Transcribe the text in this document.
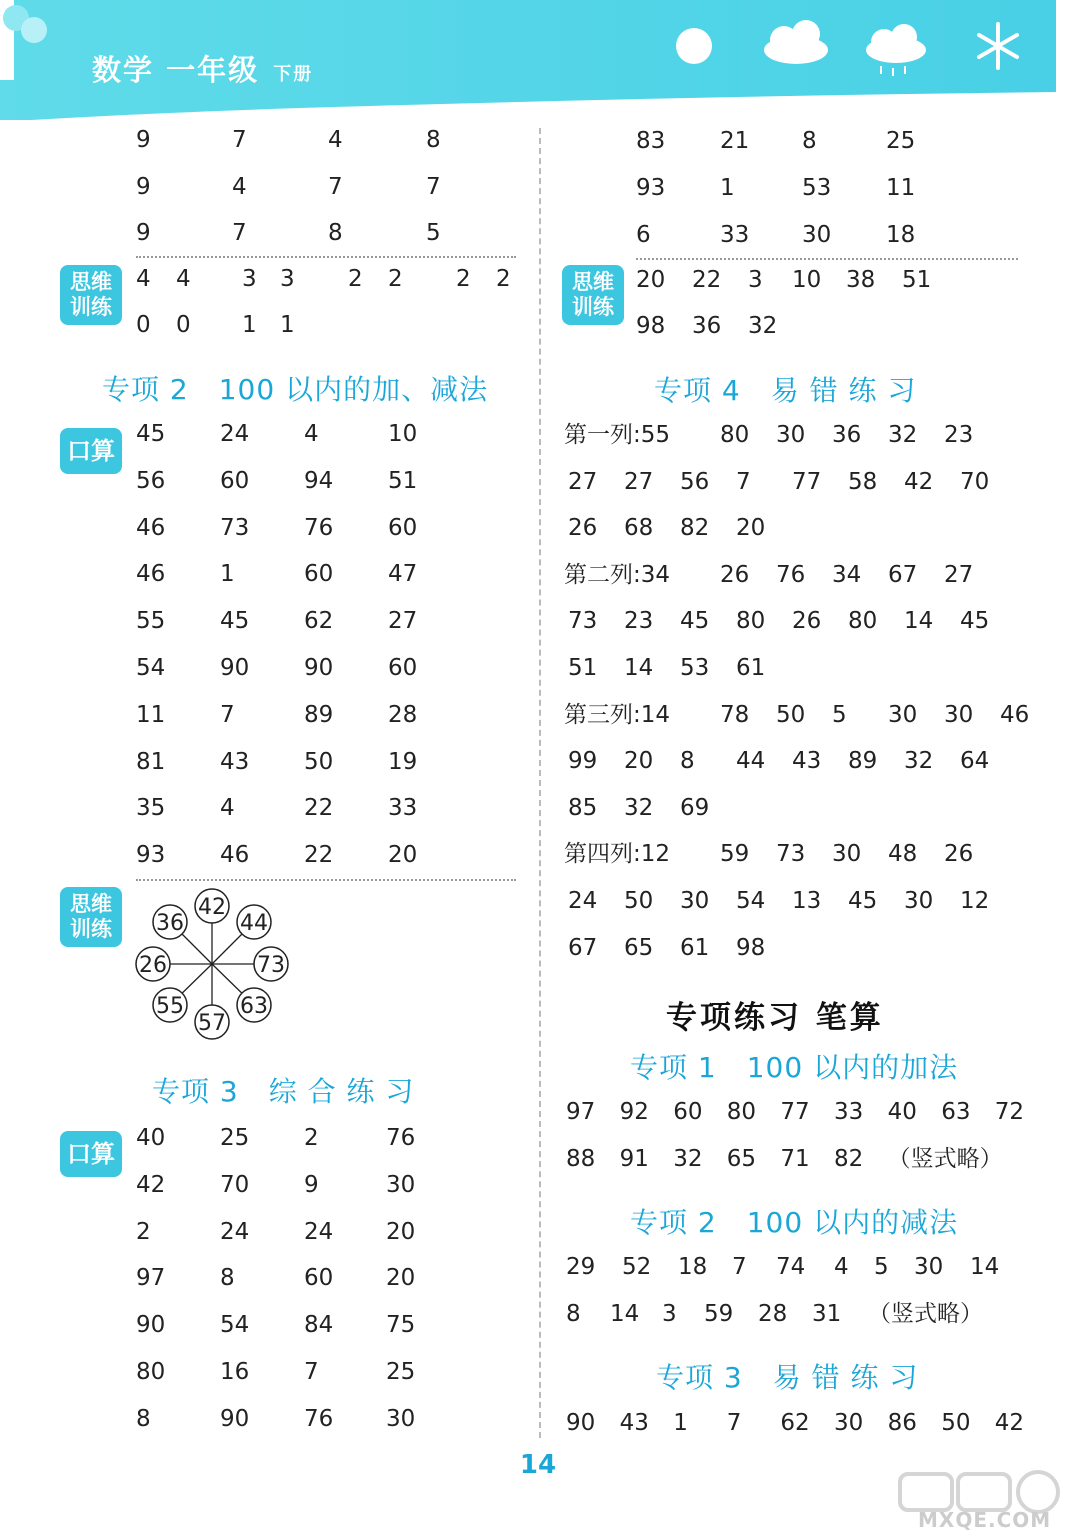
数学 一年级 下册
9	7	4	8
9	4	7	7
9	7	8	5
思维训练
4 4 3 3 2 2 2 2
0 0 1 1
专项 2 100 以内的加、减法
口算
45 24 4	10
56 60 94 51
46 73 76 60
46 1	60 47
55 45 62 27
54 90 90 60
11 7	89 28
81 43 50 19
35 4	22 33
93 46 22 20
思维训练
42
44
73
63
57
55
26
36
专项 3 综 合 练 习
口算
40 25 2	76
42 70 9	30
2	24 24 20
97 8	60 20
90 54 84 75
80 16 7	25
8	90 76 30
83 21 8	25
93 1	53 11
6	33 30 18
思维训练
20 22 3 10 38 51
98 36 32
专项 4 易 错 练 习
第一列:55 80 30 36 32 23
27 27 56 7 77 58 42 70
26 68 82 20
第二列:34 26 76 34 67 27
73 23 45 80 26 80 14 45
51 14 53 61
第三列:14 78 50 5 30 30 46
99 20 8 44 43 89 32 64
85 32 69
第四列:12 59 73 30 48 26
24 50 30 54 13 45 30 12
67 65 61 98
专项练习 笔算
专项 1 100 以内的加法
97 92 60 80 77 33 40 63 72
88 91 32 65 71 82 （竖式略）
专项 2 100 以内的减法
29 52 18 7 74 4 5 30 14
8 14 3 59 28 31 （竖式略）
专项 3 易 错 练 习
90 43 1 7 62 30 86 50 42
14
MXQE.COM
